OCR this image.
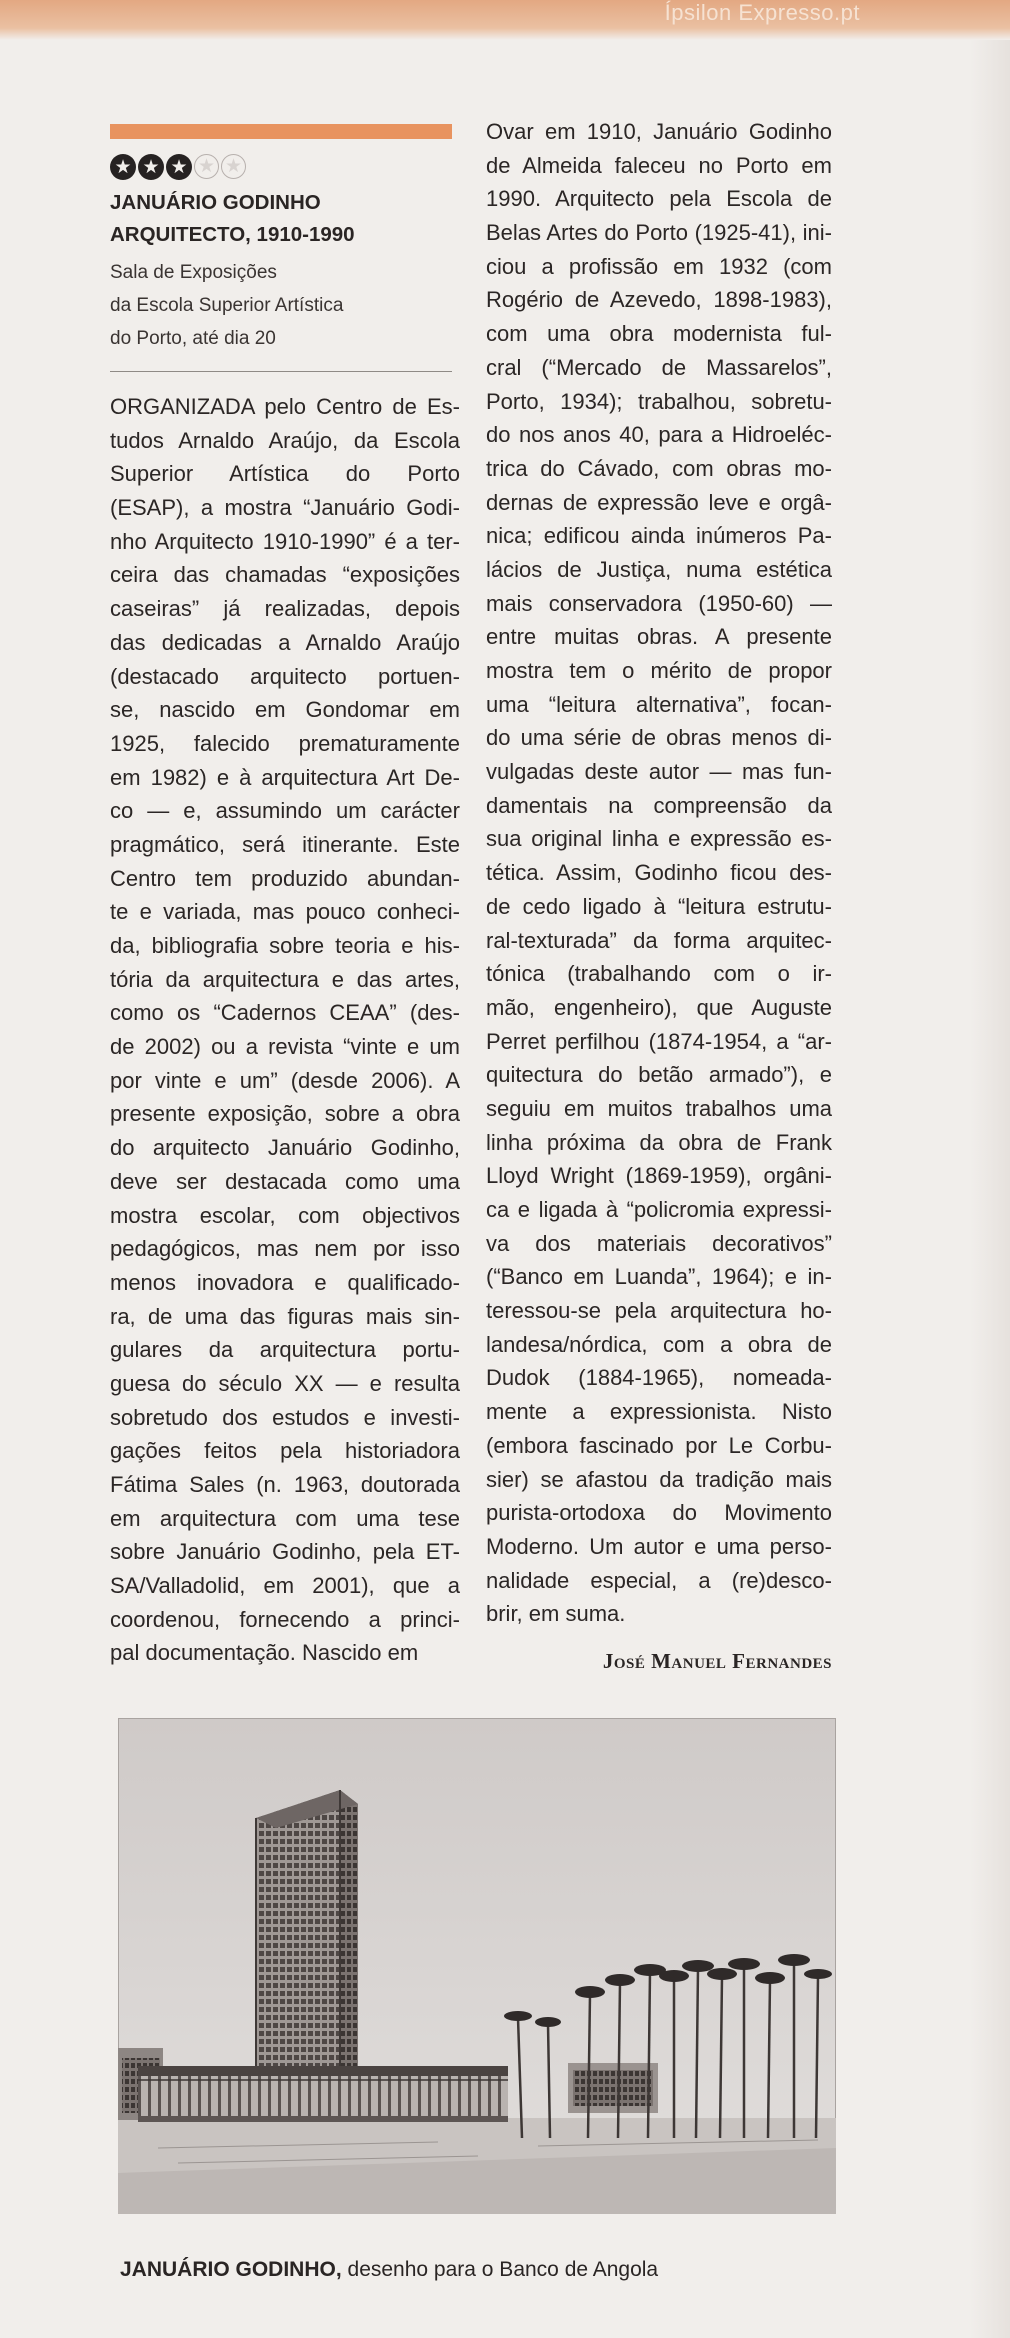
Ípsilon Expresso.pt
★ ★ ★ ★ ★
JANUÁRIO GODINHO
ARQUITECTO, 1910-1990
Sala de Exposições
da Escola Superior Artística
do Porto, até dia 20
ORGANIZADA pelo Centro de Es-
tudos Arnaldo Araújo, da Escola
Superior Artística do Porto
(ESAP), a mostra “Januário Godi-
nho Arquitecto 1910-1990” é a ter-
ceira das chamadas “exposições
caseiras” já realizadas, depois
das dedicadas a Arnaldo Araújo
(destacado arquitecto portuen-
se, nascido em Gondomar em
1925, falecido prematuramente
em 1982) e à arquitectura Art De-
co — e, assumindo um carácter
pragmático, será itinerante. Este
Centro tem produzido abundan-
te e variada, mas pouco conheci-
da, bibliografia sobre teoria e his-
tória da arquitectura e das artes,
como os “Cadernos CEAA” (des-
de 2002) ou a revista “vinte e um
por vinte e um” (desde 2006). A
presente exposição, sobre a obra
do arquitecto Januário Godinho,
deve ser destacada como uma
mostra escolar, com objectivos
pedagógicos, mas nem por isso
menos inovadora e qualificado-
ra, de uma das figuras mais sin-
gulares da arquitectura portu-
guesa do século XX — e resulta
sobretudo dos estudos e investi-
gações feitos pela historiadora
Fátima Sales (n. 1963, doutorada
em arquitectura com uma tese
sobre Januário Godinho, pela ET-
SA/Valladolid, em 2001), que a
coordenou, fornecendo a princi-
pal documentação. Nascido em
Ovar em 1910, Januário Godinho
de Almeida faleceu no Porto em
1990. Arquitecto pela Escola de
Belas Artes do Porto (1925-41), ini-
ciou a profissão em 1932 (com
Rogério de Azevedo, 1898-1983),
com uma obra modernista ful-
cral (“Mercado de Massarelos”,
Porto, 1934); trabalhou, sobretu-
do nos anos 40, para a Hidroeléc-
trica do Cávado, com obras mo-
dernas de expressão leve e orgâ-
nica; edificou ainda inúmeros Pa-
lácios de Justiça, numa estética
mais conservadora (1950-60) —
entre muitas obras. A presente
mostra tem o mérito de propor
uma “leitura alternativa”, focan-
do uma série de obras menos di-
vulgadas deste autor — mas fun-
damentais na compreensão da
sua original linha e expressão es-
tética. Assim, Godinho ficou des-
de cedo ligado à “leitura estrutu-
ral-texturada” da forma arquitec-
tónica (trabalhando com o ir-
mão, engenheiro), que Auguste
Perret perfilhou (1874-1954, a “ar-
quitectura do betão armado”), e
seguiu em muitos trabalhos uma
linha próxima da obra de Frank
Lloyd Wright (1869-1959), orgâni-
ca e ligada à “policromia expressi-
va dos materiais decorativos”
(“Banco em Luanda”, 1964); e in-
teressou-se pela arquitectura ho-
landesa/nórdica, com a obra de
Dudok (1884-1965), nomeada-
mente a expressionista. Nisto
(embora fascinado por Le Corbu-
sier) se afastou da tradição mais
purista-ortodoxa do Movimento
Moderno. Um autor e uma perso-
nalidade especial, a (re)desco-
brir, em suma.
José Manuel Fernandes
JANUÁRIO GODINHO, desenho para o Banco de Angola
